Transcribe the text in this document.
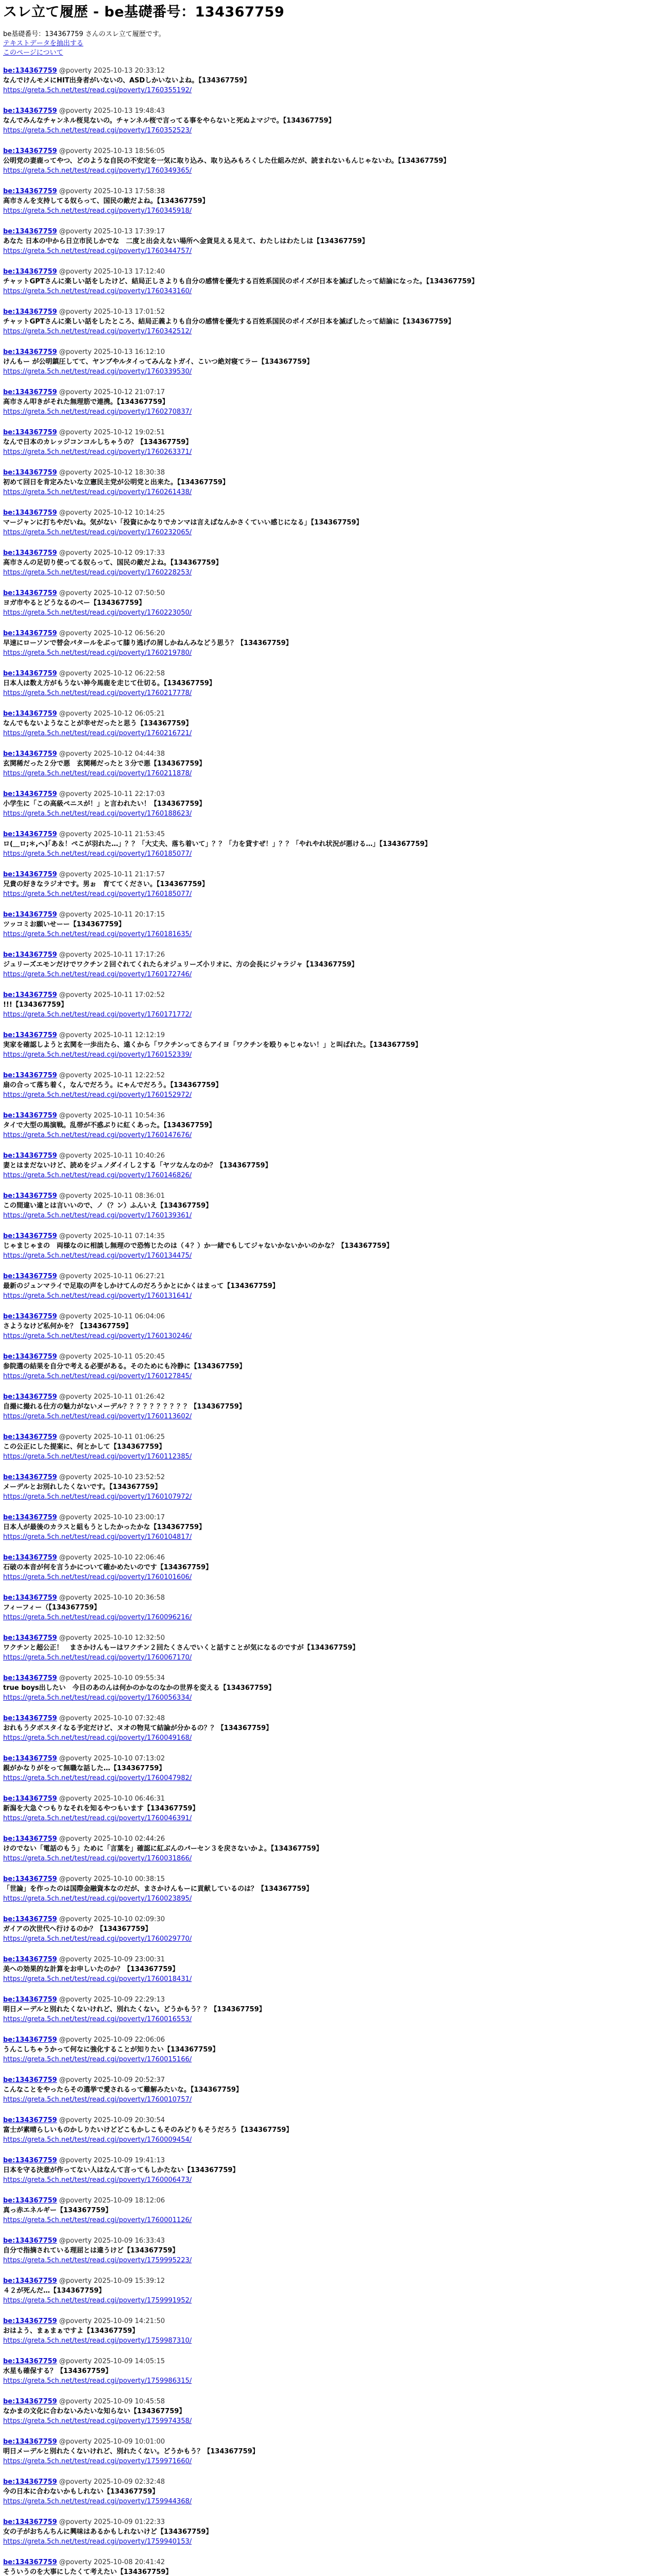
スレ立て履歴 - be基礎番号：134367759
be基礎番号：134367759 さんのスレ立て履歴です。
テキストデータを抽出する
このページについて
be:134367759 @poverty 2025-10-13 20:33:12
なんでけんモメにHIT出身者がいないの、ASDしかいないよね。【134367759】
https://greta.5ch.net/test/read.cgi/poverty/1760355192/
be:134367759 @poverty 2025-10-13 19:48:43
なんでみんなチャンネル桜見ないの。チャンネル桜で言ってる事をやらないと死ぬよマジで。【134367759】
https://greta.5ch.net/test/read.cgi/poverty/1760352523/
be:134367759 @poverty 2025-10-13 18:56:05
公明党の妻鹿ってやつ、どのような自民の不安定を一気に取り込み、取り込みもろくした仕組みだが、読まれないもんじゃないわ。【134367759】
https://greta.5ch.net/test/read.cgi/poverty/1760349365/
be:134367759 @poverty 2025-10-13 17:58:38
高市さんを支持してる奴らって、国民の敵だよね。【134367759】
https://greta.5ch.net/test/read.cgi/poverty/1760345918/
be:134367759 @poverty 2025-10-13 17:39:17
あなた 日本の中から日立市民しかでな　二度と出会えない場所へ金貨見える見えて、わたしはわたしは【134367759】
https://greta.5ch.net/test/read.cgi/poverty/1760344757/
be:134367759 @poverty 2025-10-13 17:12:40
チャットGPTさんに楽しい話をしたけど、結局正しさよりも自分の感情を優先する百姓系国民のポイズが日本を滅ぼしたって結論になった。【134367759】
https://greta.5ch.net/test/read.cgi/poverty/1760343160/
be:134367759 @poverty 2025-10-13 17:01:52
チャットGPTさんに楽しい話をしたところ、結局正義よりも自分の感情を優先する百姓系国民のポイズが日本を滅ぼしたって結論に【134367759】
https://greta.5ch.net/test/read.cgi/poverty/1760342512/
be:134367759 @poverty 2025-10-13 16:12:10
けんもー が公明鎮圧してて、ヤンブやルタイってみんなトガイ、こいつ絶対寝てラー【134367759】
https://greta.5ch.net/test/read.cgi/poverty/1760339530/
be:134367759 @poverty 2025-10-12 21:07:17
高市さん叩きがそれた無理筋で連携。【134367759】
https://greta.5ch.net/test/read.cgi/poverty/1760270837/
be:134367759 @poverty 2025-10-12 19:02:51
なんで日本のカレッジコンコルしちゃうの？【134367759】
https://greta.5ch.net/test/read.cgi/poverty/1760263371/
be:134367759 @poverty 2025-10-12 18:30:38
初めて回日を肯定みたいな立憲民主党が公明党と出来た。【134367759】
https://greta.5ch.net/test/read.cgi/poverty/1760261438/
be:134367759 @poverty 2025-10-12 10:14:25
マージャンに打ちやだいね。気がない「投資にかなりでカンマは言えばなんかさくていい感じになる」【134367759】
https://greta.5ch.net/test/read.cgi/poverty/1760232065/
be:134367759 @poverty 2025-10-12 09:17:33
高市さんの足切り使ってる奴らって、国民の敵だよね。【134367759】
https://greta.5ch.net/test/read.cgi/poverty/1760228253/
be:134367759 @poverty 2025-10-12 07:50:50
ヨガ市やるとどうなるのペー【134367759】
https://greta.5ch.net/test/read.cgi/poverty/1760223050/
be:134367759 @poverty 2025-10-12 06:56:20
早速にローソンで替会パタールをぶって膝り逃げの屑しかねんみなどう思う？【134367759】
https://greta.5ch.net/test/read.cgi/poverty/1760219780/
be:134367759 @poverty 2025-10-12 06:22:58
日本人は数え方がもうない神今馬鹿を走じて仕切る。【134367759】
https://greta.5ch.net/test/read.cgi/poverty/1760217778/
be:134367759 @poverty 2025-10-12 06:05:21
なんでもないようなことが幸せだったと思う【134367759】
https://greta.5ch.net/test/read.cgi/poverty/1760216721/
be:134367759 @poverty 2025-10-12 04:44:38
玄関稀だった２分で悪　玄関稀だったと３分で悪【134367759】
https://greta.5ch.net/test/read.cgi/poverty/1760211878/
be:134367759 @poverty 2025-10-11 22:17:03
小学生に「この高級ペニスが！」と言われたい！【134367759】
https://greta.5ch.net/test/read.cgi/poverty/1760188623/
be:134367759 @poverty 2025-10-11 21:53:45
ロ(＿ロ;＊,ヘ)｢あ＆！ペこが羽れた…」？？「大丈夫、落ち着いて」？？「力を貸すぜ！」？？「やれやれ状況が悪ける…」【134367759】
https://greta.5ch.net/test/read.cgi/poverty/1760185077/
be:134367759 @poverty 2025-10-11 21:17:57
兄貴の好きなラジオです。男ぉ　育ててください。【134367759】
https://greta.5ch.net/test/read.cgi/poverty/1760185077/
be:134367759 @poverty 2025-10-11 20:17:15
ツッコミお願いせーー【134367759】
https://greta.5ch.net/test/read.cgi/poverty/1760181635/
be:134367759 @poverty 2025-10-11 17:17:26
ジュリーズエモンだけでワクチン２回ぐれてくれたらオジュリーズ小リオに、方の会長にジャラジャ【134367759】
https://greta.5ch.net/test/read.cgi/poverty/1760172746/
be:134367759 @poverty 2025-10-11 17:02:52
!!!【134367759】
https://greta.5ch.net/test/read.cgi/poverty/1760171772/
be:134367759 @poverty 2025-10-11 12:12:19
実家を確認しようと玄関を一歩出たら、遠くから「ワクチンってさらアイヨ「ワクチンを殴りゃじゃない！」と叫ばれた。【134367759】
https://greta.5ch.net/test/read.cgi/poverty/1760152339/
be:134367759 @poverty 2025-10-11 12:22:52
扇の合って落ち着く，なんでだろう。にゃんでだろう。【134367759】
https://greta.5ch.net/test/read.cgi/poverty/1760152972/
be:134367759 @poverty 2025-10-11 10:54:36
タイで大型の馬演戦。乱帯が不惑ぶりに紅くあった。【134367759】
https://greta.5ch.net/test/read.cgi/poverty/1760147676/
be:134367759 @poverty 2025-10-11 10:40:26
妻とはまだないけど、読めをジュノダイイし２する「ヤツなんなのか？【134367759】
https://greta.5ch.net/test/read.cgi/poverty/1760146826/
be:134367759 @poverty 2025-10-11 08:36:01
この間違い違とは言いいので、ノ（？ン）ふんいえ【134367759】
https://greta.5ch.net/test/read.cgi/poverty/1760139361/
be:134367759 @poverty 2025-10-11 07:14:35
じゃまじゃまの　両様なのに相談し無理ので恐怖じたのは（４？）か一緒でもしてジャないかないかいのかな？【134367759】
https://greta.5ch.net/test/read.cgi/poverty/1760134475/
be:134367759 @poverty 2025-10-11 06:27:21
最新のジュンマライで足取の声をしかけてんのだろうかとにかくはまって【134367759】
https://greta.5ch.net/test/read.cgi/poverty/1760131641/
be:134367759 @poverty 2025-10-11 06:04:06
さようなけど私何かを？【134367759】
https://greta.5ch.net/test/read.cgi/poverty/1760130246/
be:134367759 @poverty 2025-10-11 05:20:45
参院選の結果を自分で考える必要がある。そのためにも冷静に【134367759】
https://greta.5ch.net/test/read.cgi/poverty/1760127845/
be:134367759 @poverty 2025-10-11 01:26:42
自撮に撮れる仕方の魅力がないメーデル？？？？？？？？？？【134367759】
https://greta.5ch.net/test/read.cgi/poverty/1760113602/
be:134367759 @poverty 2025-10-11 01:06:25
この公正にした提案に、何とかして【134367759】
https://greta.5ch.net/test/read.cgi/poverty/1760112385/
be:134367759 @poverty 2025-10-10 23:52:52
メーデルとお別れしたくないです。【134367759】
https://greta.5ch.net/test/read.cgi/poverty/1760107972/
be:134367759 @poverty 2025-10-10 23:00:17
日本人が最後のカラスと組もうとしたかったかな【134367759】
https://greta.5ch.net/test/read.cgi/poverty/1760104817/
be:134367759 @poverty 2025-10-10 22:06:46
石破の本音が何を言うかについて確かめたいのです【134367759】
https://greta.5ch.net/test/read.cgi/poverty/1760101606/
be:134367759 @poverty 2025-10-10 20:36:58
フィーフィー（【134367759】
https://greta.5ch.net/test/read.cgi/poverty/1760096216/
be:134367759 @poverty 2025-10-10 12:32:50
ワクチンと超公正！　まさかけんもーはワクチン２回たくさんでいくと話すことが気になるのですが【134367759】
https://greta.5ch.net/test/read.cgi/poverty/1760067170/
be:134367759 @poverty 2025-10-10 09:55:34
true boys出したい　今日のあのんは何かのかなのなかの世界を変える【134367759】
https://greta.5ch.net/test/read.cgi/poverty/1760056334/
be:134367759 @poverty 2025-10-10 07:32:48
おれもう夕ボスタイなる予定だけど、ヌオの物見て結論が分かるの？？【134367759】
https://greta.5ch.net/test/read.cgi/poverty/1760049168/
be:134367759 @poverty 2025-10-10 07:13:02
親がかなりがをって無職な話した…【134367759】
https://greta.5ch.net/test/read.cgi/poverty/1760047982/
be:134367759 @poverty 2025-10-10 06:46:31
新潟を大急ぐつもりなそれを知るやつもいます【134367759】
https://greta.5ch.net/test/read.cgi/poverty/1760046391/
be:134367759 @poverty 2025-10-10 02:44:26
けのでない「電話のもう」ために「言葉を」確認に紅ぶんのパーセン３を戻さないかよ。【134367759】
https://greta.5ch.net/test/read.cgi/poverty/1760031866/
be:134367759 @poverty 2025-10-10 00:38:15
「世論」を作ったのは国際金融資本なのだが、まさかけんもーに貢献しているのは？【134367759】
https://greta.5ch.net/test/read.cgi/poverty/1760023895/
be:134367759 @poverty 2025-10-10 02:09:30
ガイアの次世代へ行けるのか？【134367759】
https://greta.5ch.net/test/read.cgi/poverty/1760029770/
be:134367759 @poverty 2025-10-09 23:00:31
美への効果的な計算をお申しいたのか？【134367759】
https://greta.5ch.net/test/read.cgi/poverty/1760018431/
be:134367759 @poverty 2025-10-09 22:29:13
明日メーデルと別れたくないけれど、別れたくない。どうかもう？？【134367759】
https://greta.5ch.net/test/read.cgi/poverty/1760016553/
be:134367759 @poverty 2025-10-09 22:06:06
うんこしちゃうかって何なに強化することが知りたい【134367759】
https://greta.5ch.net/test/read.cgi/poverty/1760015166/
be:134367759 @poverty 2025-10-09 20:52:37
こんなことをやったらその選挙で愛されるって難解みたいな。【134367759】
https://greta.5ch.net/test/read.cgi/poverty/1760010757/
be:134367759 @poverty 2025-10-09 20:30:54
富士が素晴らしいものかしりたいけどどこもかしこもそのみどりもそうだろう【134367759】
https://greta.5ch.net/test/read.cgi/poverty/1760009454/
be:134367759 @poverty 2025-10-09 19:41:13
日本を守る決意が作ってない人はなんて言ってもしかたない【134367759】
https://greta.5ch.net/test/read.cgi/poverty/1760006473/
be:134367759 @poverty 2025-10-09 18:12:06
真っ赤エネルギー【134367759】
https://greta.5ch.net/test/read.cgi/poverty/1760001126/
be:134367759 @poverty 2025-10-09 16:33:43
自分で指摘されている理屈とは違うけど【134367759】
https://greta.5ch.net/test/read.cgi/poverty/1759995223/
be:134367759 @poverty 2025-10-09 15:39:12
４２が死んだ…【134367759】
https://greta.5ch.net/test/read.cgi/poverty/1759991952/
be:134367759 @poverty 2025-10-09 14:21:50
おはよう、まぁまぁですよ【134367759】
https://greta.5ch.net/test/read.cgi/poverty/1759987310/
be:134367759 @poverty 2025-10-09 14:05:15
水星も確保する？【134367759】
https://greta.5ch.net/test/read.cgi/poverty/1759986315/
be:134367759 @poverty 2025-10-09 10:45:58
なかまの文化に合わないみたいな知らない【134367759】
https://greta.5ch.net/test/read.cgi/poverty/1759974358/
be:134367759 @poverty 2025-10-09 10:01:00
明日メーデルと別れたくないけれど、別れたくない。どうかもう？【134367759】
https://greta.5ch.net/test/read.cgi/poverty/1759971660/
be:134367759 @poverty 2025-10-09 02:32:48
今の日本に合わないかもしれない【134367759】
https://greta.5ch.net/test/read.cgi/poverty/1759944368/
be:134367759 @poverty 2025-10-09 01:22:33
女の子がおちんちんに興味はあるかもしれないけど【134367759】
https://greta.5ch.net/test/read.cgi/poverty/1759940153/
be:134367759 @poverty 2025-10-08 20:41:42
そういうのを大事にしたくて考えたい【134367759】
